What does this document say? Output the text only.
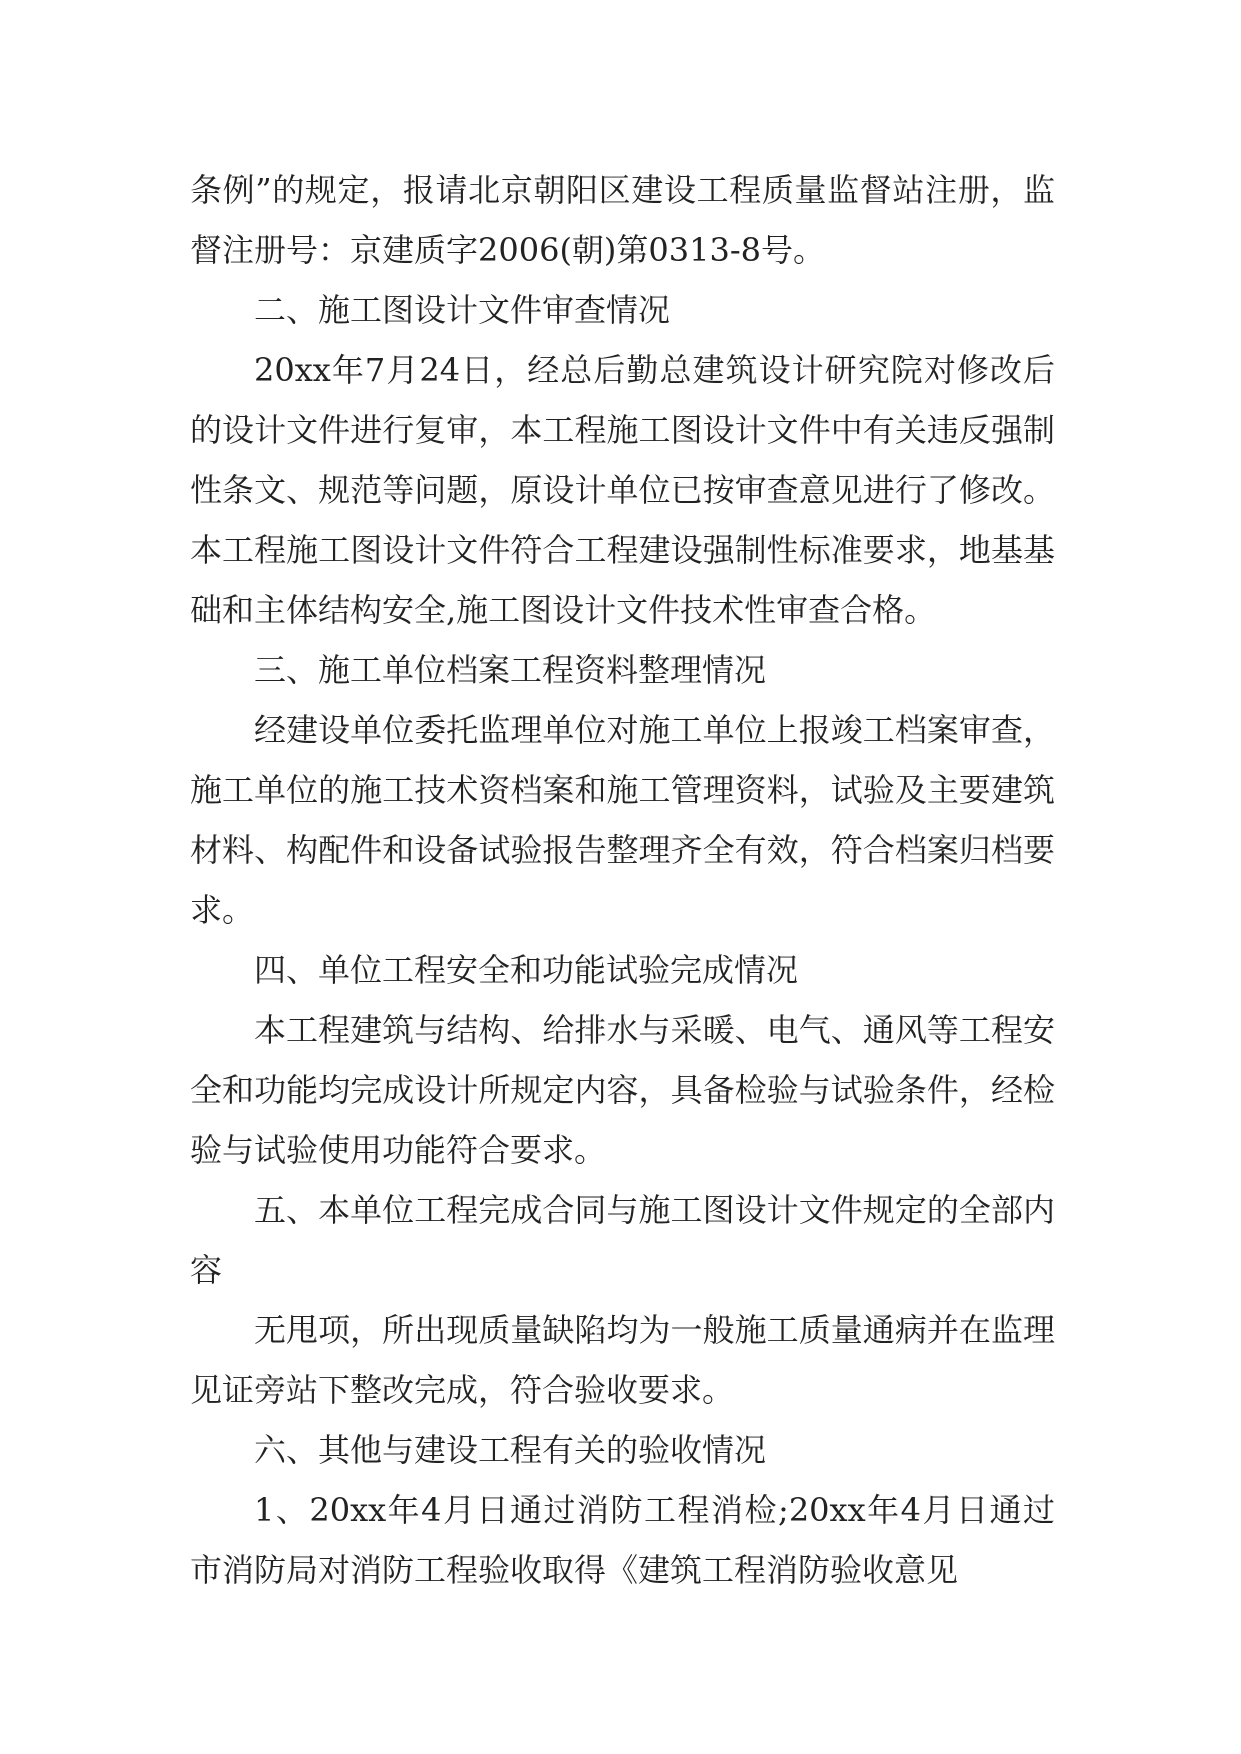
条例”的规定，报请北京朝阳区建设工程质量监督站注册，监督注册号：京建质字2006(朝)第0313-8号。

二、施工图设计文件审查情况

20xx年7月24日，经总后勤总建筑设计研究院对修改后的设计文件进行复审，本工程施工图设计文件中有关违反强制性条文、规范等问题，原设计单位已按审查意见进行了修改。本工程施工图设计文件符合工程建设强制性标准要求，地基基础和主体结构安全,施工图设计文件技术性审查合格。

三、施工单位档案工程资料整理情况

经建设单位委托监理单位对施工单位上报竣工档案审查，施工单位的施工技术资档案和施工管理资料，试验及主要建筑材料、构配件和设备试验报告整理齐全有效，符合档案归档要求。

四、单位工程安全和功能试验完成情况

本工程建筑与结构、给排水与采暖、电气、通风等工程安全和功能均完成设计所规定内容，具备检验与试验条件，经检验与试验使用功能符合要求。

五、本单位工程完成合同与施工图设计文件规定的全部内容

无甩项，所出现质量缺陷均为一般施工质量通病并在监理见证旁站下整改完成，符合验收要求。

六、其他与建设工程有关的验收情况

1、20xx年4月日通过消防工程消检;20xx年4月日通过市消防局对消防工程验收取得《建筑工程消防验收意见
